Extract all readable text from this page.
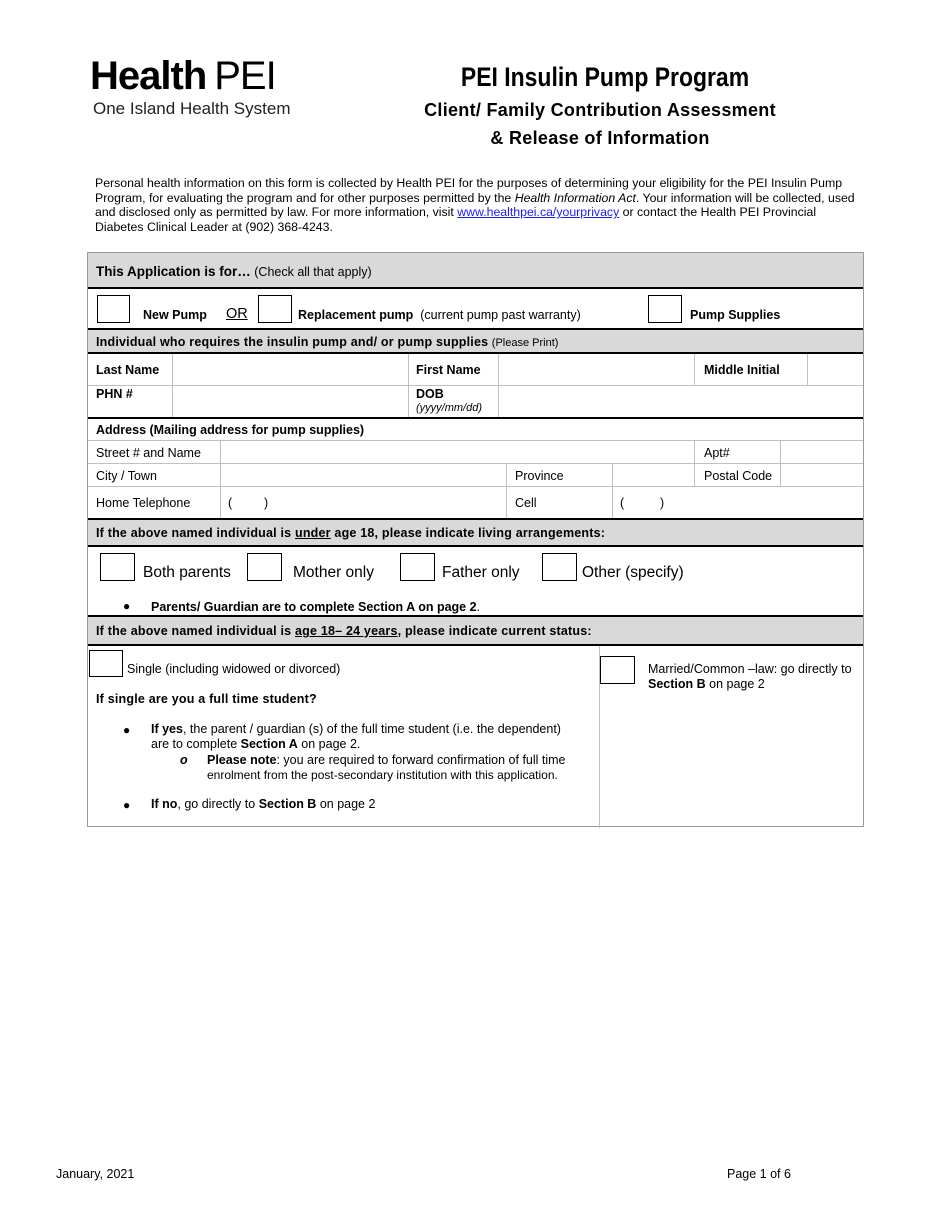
Health PEI
One Island Health System
PEI Insulin Pump Program
Client/ Family Contribution Assessment
& Release of Information
Personal health information on this form is collected by Health PEI for the purposes of determining your eligibility for the PEI Insulin Pump Program, for evaluating the program and for other purposes permitted by the Health Information Act. Your information will be collected, used and disclosed only as permitted by law. For more information, visit www.healthpei.ca/yourprivacy or contact the Health PEI Provincial Diabetes Clinical Leader at (902) 368-4243.
This Application is for… (Check all that apply)
New Pump OR	Replacement pump (current pump past warranty)	Pump Supplies
Individual who requires the insulin pump and/ or pump supplies (Please Print)
Last Name	First Name	Middle Initial
PHN #	DOB
(yyyy/mm/dd)
Address (Mailing address for pump supplies)
Street # and Name	Apt#
City / Town	Province	Postal Code
Home Telephone	(	)	Cell	(	)
If the above named individual is under age 18, please indicate living arrangements:
Both parents	Mother only	Father only	Other (specify)
● Parents/ Guardian are to complete Section A on page 2.
If the above named individual is age 18– 24 years, please indicate current status:
Single (including widowed or divorced)	Married/Common –law: go directly to
Section B on page 2
If single are you a full time student?
● If yes, the parent / guardian (s) of the full time student (i.e. the dependent)
are to complete Section A on page 2.
o Please note: you are required to forward confirmation of full time
enrolment from the post-secondary institution with this application.
● If no, go directly to Section B on page 2
January, 2021	Page 1 of 6
